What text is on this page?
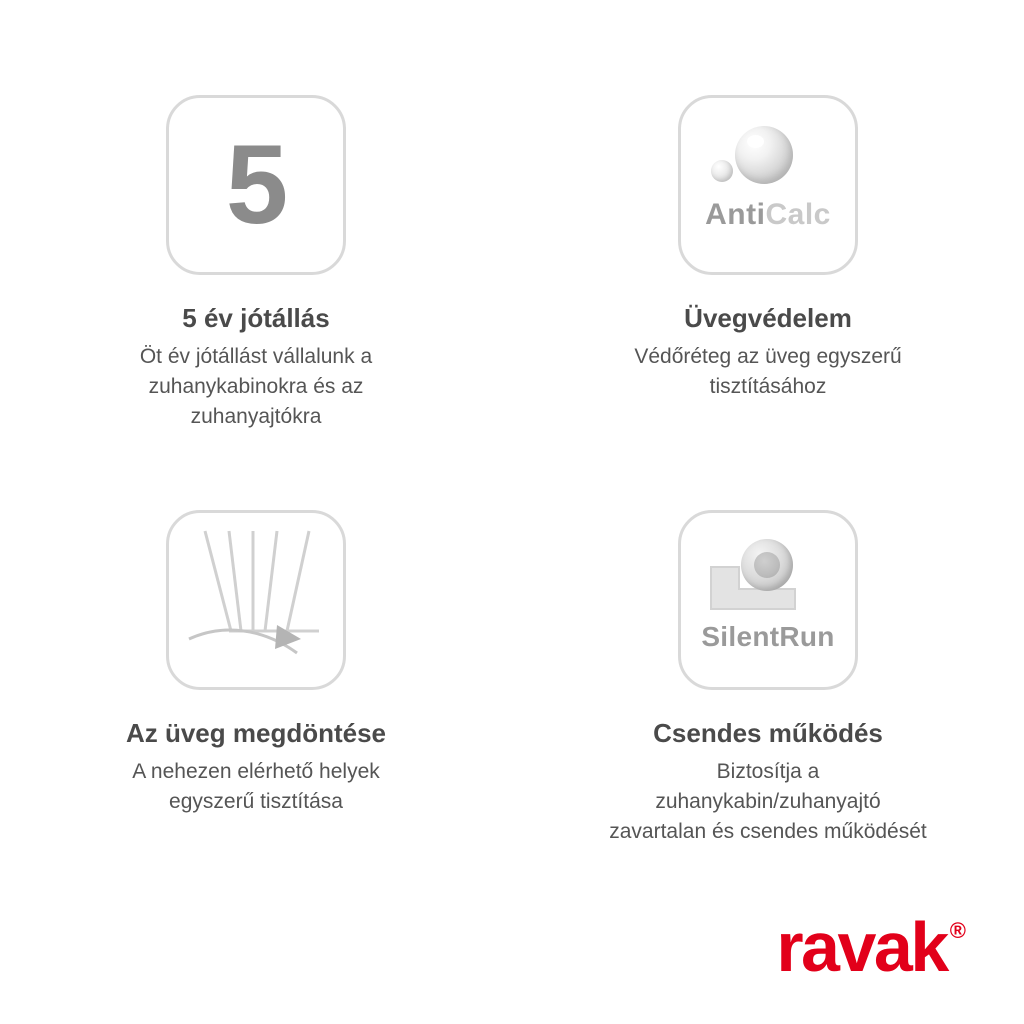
5
5 év jótállás
Öt év jótállást vállalunk a zuhanykabinokra és az zuhanyajtókra
AntiCalc
Üvegvédelem
Védőréteg az üveg egyszerű tisztításához
Az üveg megdöntése
A nehezen elérhető helyek egyszerű tisztítása
SilentRun
Csendes működés
Biztosítja a zuhanykabin/zuhanyajtó zavartalan és csendes működését
ravak ®
